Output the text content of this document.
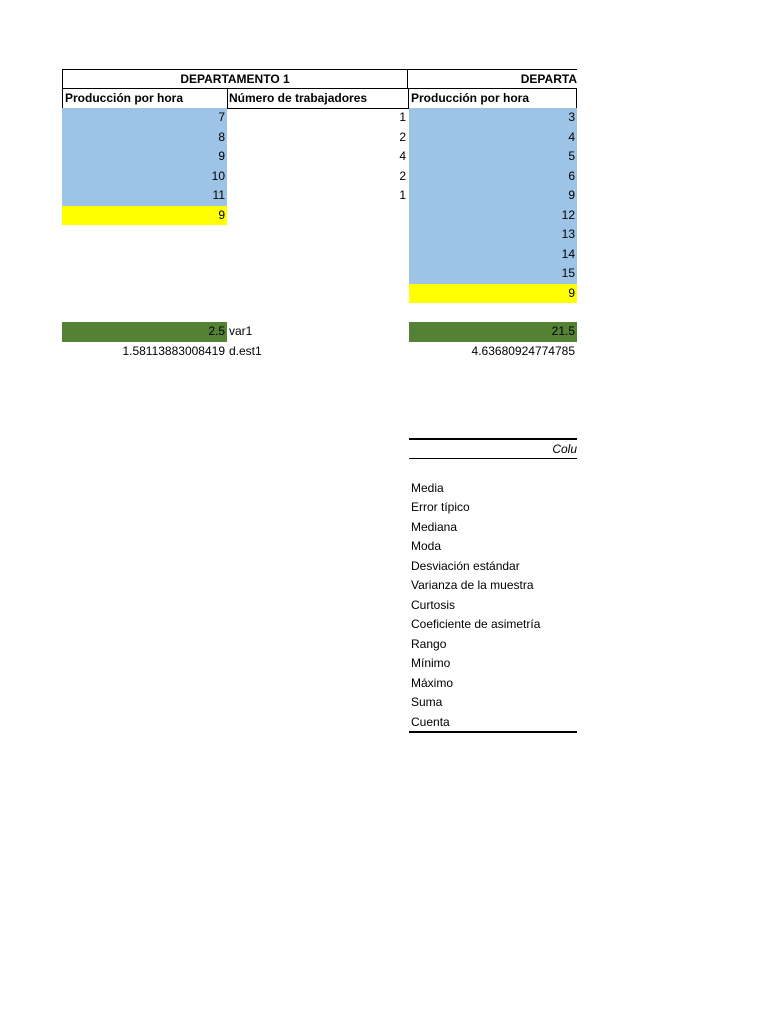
DEPARTAMENTO 1
Producción por hora	Número de trabajadores
7
8
9
10
11
9
1
2
4
2
1
2.5 var1
1.58113883008419 d.est1
DEPARTA
Producción por hora
3
4
5
6
9
12
13
14
15
9
21.5
4.63680924774785
Colu
Media
Error típico
Mediana
Moda
Desviación estándar
Varianza de la muestra
Curtosis
Coeficiente de asimetría
Rango
Mínimo
Máximo
Suma
Cuenta
